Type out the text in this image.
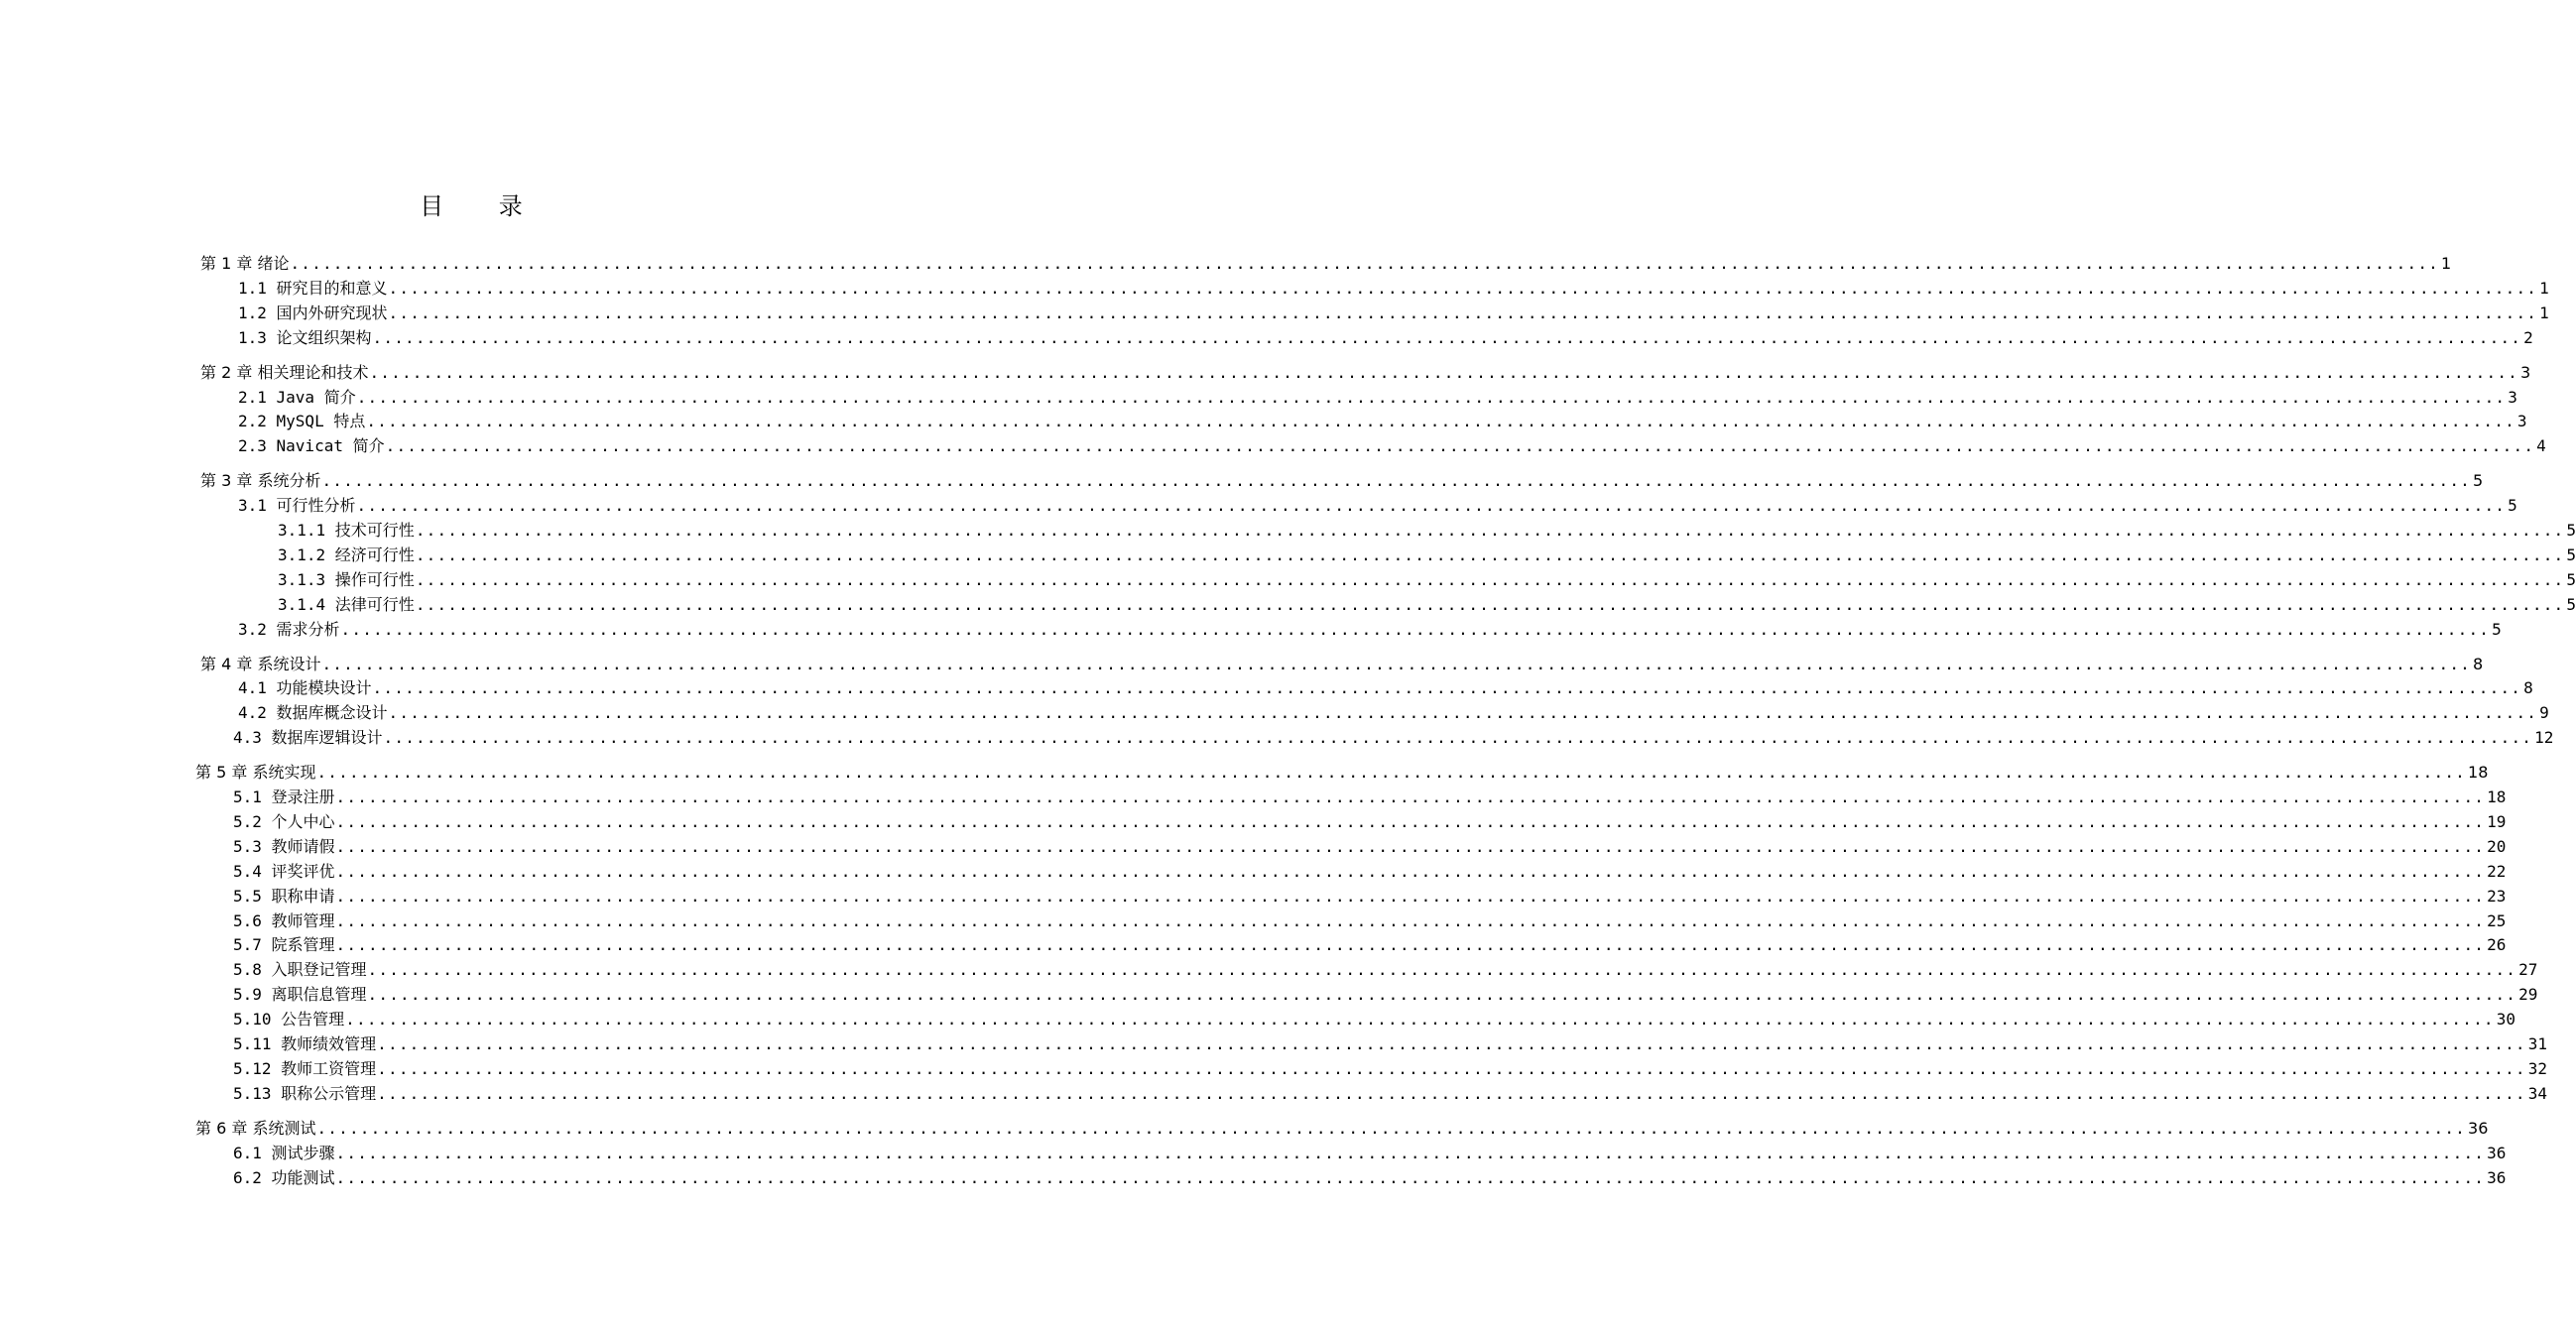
目 录
第 1 章 绪论 ........................................................................................................................................................................................................ 1
1.1 研究目的和意义 ........................................................................................................................................................................................................ 1
1.2 国内外研究现状 ........................................................................................................................................................................................................ 1
1.3 论文组织架构 ........................................................................................................................................................................................................ 2
第 2 章 相关理论和技术 ........................................................................................................................................................................................................ 3
2.1 Java 简介 ........................................................................................................................................................................................................ 3
2.2 MySQL 特点 ........................................................................................................................................................................................................ 3
2.3 Navicat 简介 ........................................................................................................................................................................................................ 4
第 3 章 系统分析 ........................................................................................................................................................................................................ 5
3.1 可行性分析 ........................................................................................................................................................................................................ 5
3.1.1 技术可行性 ........................................................................................................................................................................................................ 5
3.1.2 经济可行性 ........................................................................................................................................................................................................ 5
3.1.3 操作可行性 ........................................................................................................................................................................................................ 5
3.1.4 法律可行性 ........................................................................................................................................................................................................ 5
3.2 需求分析 ........................................................................................................................................................................................................ 5
第 4 章 系统设计 ........................................................................................................................................................................................................ 8
4.1 功能模块设计 ........................................................................................................................................................................................................ 8
4.2 数据库概念设计 ........................................................................................................................................................................................................ 9
4.3 数据库逻辑设计 ........................................................................................................................................................................................................ 12
第 5 章 系统实现 ........................................................................................................................................................................................................ 18
5.1 登录注册 ........................................................................................................................................................................................................ 18
5.2 个人中心 ........................................................................................................................................................................................................ 19
5.3 教师请假 ........................................................................................................................................................................................................ 20
5.4 评奖评优 ........................................................................................................................................................................................................ 22
5.5 职称申请 ........................................................................................................................................................................................................ 23
5.6 教师管理 ........................................................................................................................................................................................................ 25
5.7 院系管理 ........................................................................................................................................................................................................ 26
5.8 入职登记管理 ........................................................................................................................................................................................................ 27
5.9 离职信息管理 ........................................................................................................................................................................................................ 29
5.10 公告管理 ........................................................................................................................................................................................................ 30
5.11 教师绩效管理 ........................................................................................................................................................................................................ 31
5.12 教师工资管理 ........................................................................................................................................................................................................ 32
5.13 职称公示管理 ........................................................................................................................................................................................................ 34
第 6 章 系统测试 ........................................................................................................................................................................................................ 36
6.1 测试步骤 ........................................................................................................................................................................................................ 36
6.2 功能测试 ........................................................................................................................................................................................................ 36
